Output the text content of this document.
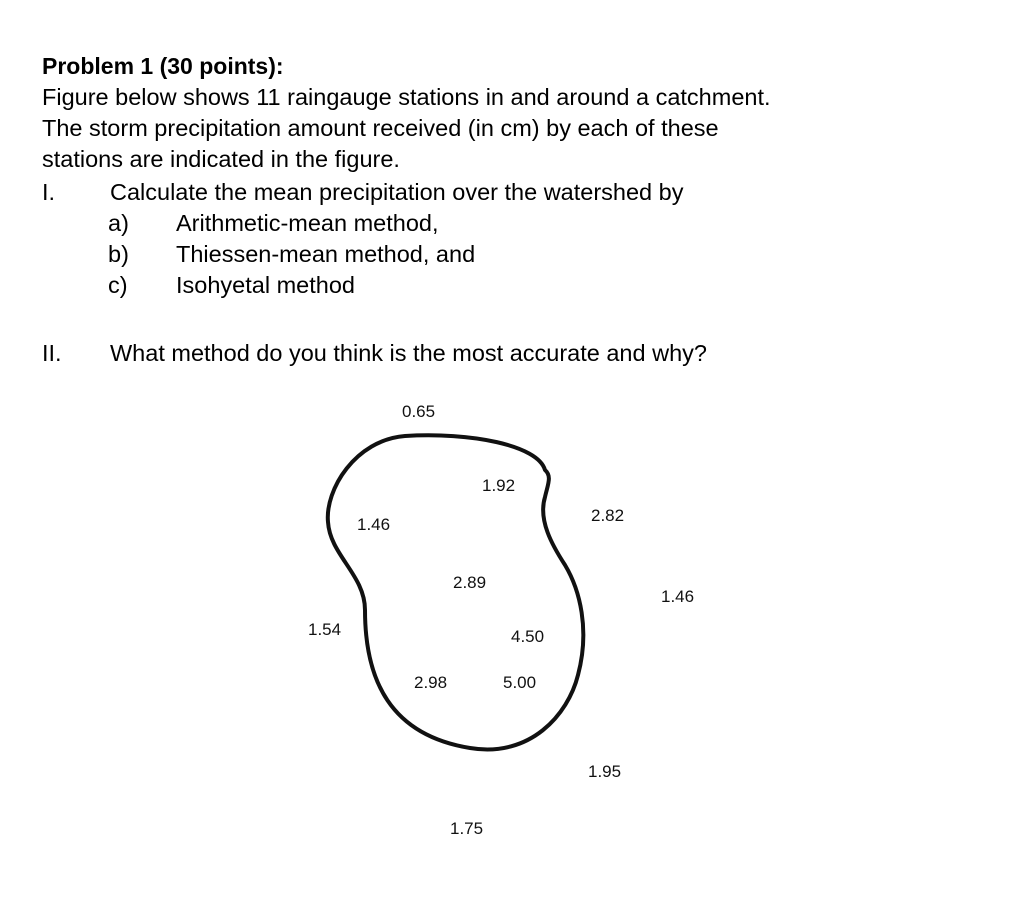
Problem 1 (30 points):

Figure below shows 11 raingauge stations in and around a catchment.

The storm precipitation amount received (in cm) by each of these

stations are indicated in the figure.

I. Calculate the mean precipitation over the watershed by
a) Arithmetic-mean method,
b) Thiessen-mean method, and
c) Isohyetal method
II. What method do you think is the most accurate and why?
0.65
1.92
2.82
1.46
2.89
1.46
1.54	4.50
2.98	5.00
1.95
1.75
